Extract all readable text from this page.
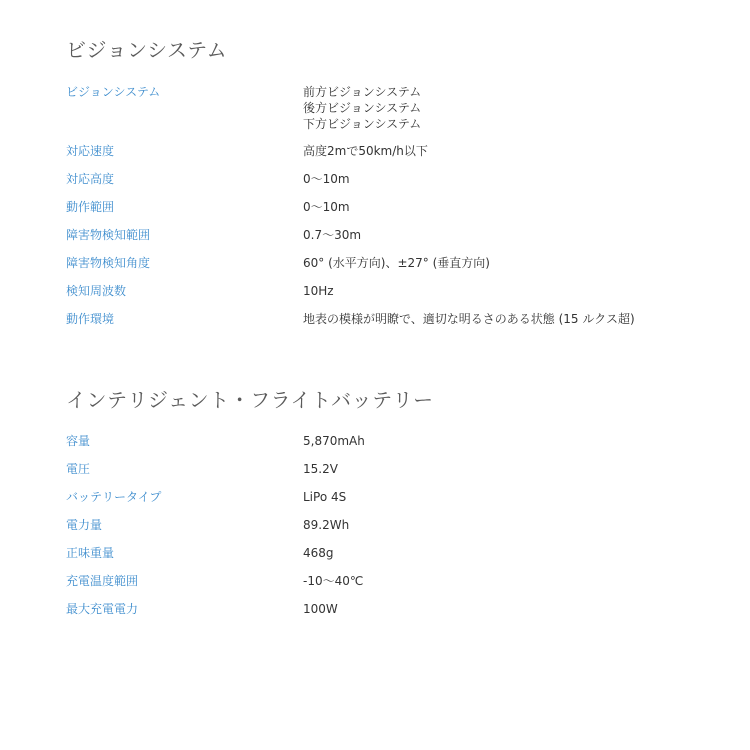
ビジョンシステム
ビジョンシステム	前方ビジョンシステム
後方ビジョンシステム
下方ビジョンシステム
対応速度	高度2mで50km/h以下
対応高度	0～10m
動作範囲	0～10m
障害物検知範囲	0.7～30m
障害物検知角度	60° (水平方向)、±27° (垂直方向)
検知周波数	10Hz
動作環境	地表の模様が明瞭で、適切な明るさのある状態 (15 ルクス超)
インテリジェント・フライトバッテリー
容量	5,870mAh
電圧	15.2V
バッテリータイプ	LiPo 4S
電力量	89.2Wh
正味重量	468g
充電温度範囲	-10～40℃
最大充電電力	100W
